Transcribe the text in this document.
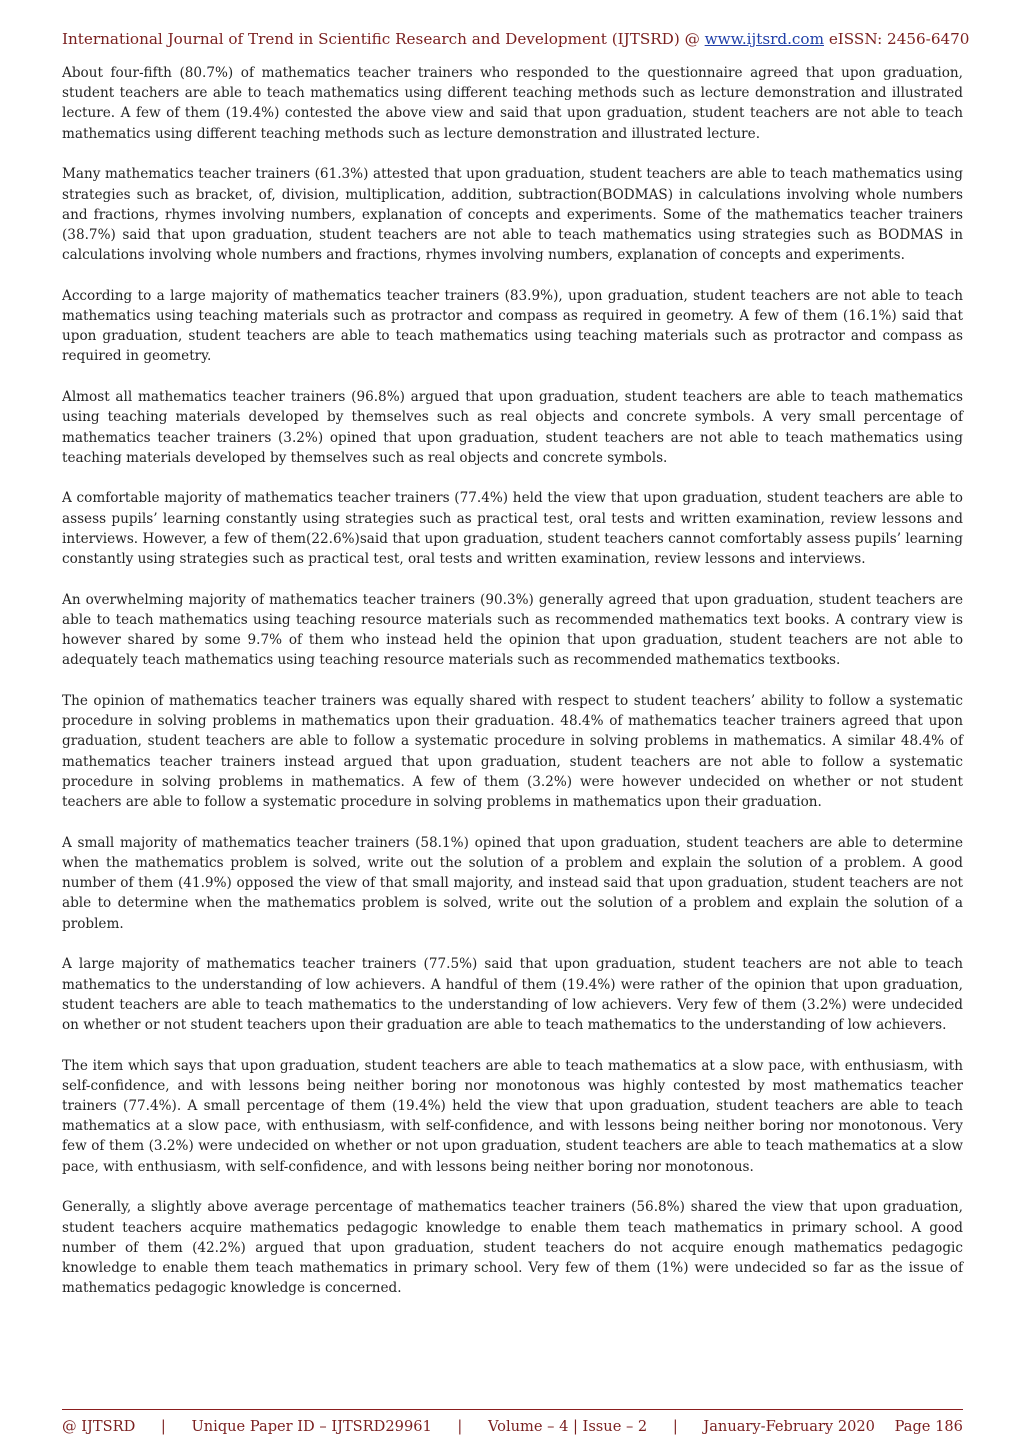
International Journal of Trend in Scientific Research and Development (IJTSRD) @ www.ijtsrd.com eISSN: 2456-6470

About four-fifth (80.7%) of mathematics teacher trainers who responded to the questionnaire agreed that upon graduation, student teachers are able to teach mathematics using different teaching methods such as lecture demonstration and illustrated lecture. A few of them (19.4%) contested the above view and said that upon graduation, student teachers are not able to teach mathematics using different teaching methods such as lecture demonstration and illustrated lecture.

Many mathematics teacher trainers (61.3%) attested that upon graduation, student teachers are able to teach mathematics using strategies such as bracket, of, division, multiplication, addition, subtraction(BODMAS) in calculations involving whole numbers and fractions, rhymes involving numbers, explanation of concepts and experiments. Some of the mathematics teacher trainers (38.7%) said that upon graduation, student teachers are not able to teach mathematics using strategies such as BODMAS in calculations involving whole numbers and fractions, rhymes involving numbers, explanation of concepts and experiments.

According to a large majority of mathematics teacher trainers (83.9%), upon graduation, student teachers are not able to teach mathematics using teaching materials such as protractor and compass as required in geometry. A few of them (16.1%) said that upon graduation, student teachers are able to teach mathematics using teaching materials such as protractor and compass as required in geometry.

Almost all mathematics teacher trainers (96.8%) argued that upon graduation, student teachers are able to teach mathematics using teaching materials developed by themselves such as real objects and concrete symbols. A very small percentage of mathematics teacher trainers (3.2%) opined that upon graduation, student teachers are not able to teach mathematics using teaching materials developed by themselves such as real objects and concrete symbols.

A comfortable majority of mathematics teacher trainers (77.4%) held the view that upon graduation, student teachers are able to assess pupils’ learning constantly using strategies such as practical test, oral tests and written examination, review lessons and interviews. However, a few of them(22.6%)said that upon graduation, student teachers cannot comfortably assess pupils’ learning constantly using strategies such as practical test, oral tests and written examination, review lessons and interviews.

An overwhelming majority of mathematics teacher trainers (90.3%) generally agreed that upon graduation, student teachers are able to teach mathematics using teaching resource materials such as recommended mathematics text books. A contrary view is however shared by some 9.7% of them who instead held the opinion that upon graduation, student teachers are not able to adequately teach mathematics using teaching resource materials such as recommended mathematics textbooks.

The opinion of mathematics teacher trainers was equally shared with respect to student teachers’ ability to follow a systematic procedure in solving problems in mathematics upon their graduation. 48.4% of mathematics teacher trainers agreed that upon graduation, student teachers are able to follow a systematic procedure in solving problems in mathematics. A similar 48.4% of mathematics teacher trainers instead argued that upon graduation, student teachers are not able to follow a systematic procedure in solving problems in mathematics. A few of them (3.2%) were however undecided on whether or not student teachers are able to follow a systematic procedure in solving problems in mathematics upon their graduation.

A small majority of mathematics teacher trainers (58.1%) opined that upon graduation, student teachers are able to determine when the mathematics problem is solved, write out the solution of a problem and explain the solution of a problem. A good number of them (41.9%) opposed the view of that small majority, and instead said that upon graduation, student teachers are not able to determine when the mathematics problem is solved, write out the solution of a problem and explain the solution of a problem.

A large majority of mathematics teacher trainers (77.5%) said that upon graduation, student teachers are not able to teach mathematics to the understanding of low achievers. A handful of them (19.4%) were rather of the opinion that upon graduation, student teachers are able to teach mathematics to the understanding of low achievers. Very few of them (3.2%) were undecided on whether or not student teachers upon their graduation are able to teach mathematics to the understanding of low achievers.

The item which says that upon graduation, student teachers are able to teach mathematics at a slow pace, with enthusiasm, with self-confidence, and with lessons being neither boring nor monotonous was highly contested by most mathematics teacher trainers (77.4%). A small percentage of them (19.4%) held the view that upon graduation, student teachers are able to teach mathematics at a slow pace, with enthusiasm, with self-confidence, and with lessons being neither boring nor monotonous. Very few of them (3.2%) were undecided on whether or not upon graduation, student teachers are able to teach mathematics at a slow pace, with enthusiasm, with self-confidence, and with lessons being neither boring nor monotonous.

Generally, a slightly above average percentage of mathematics teacher trainers (56.8%) shared the view that upon graduation, student teachers acquire mathematics pedagogic knowledge to enable them teach mathematics in primary school. A good number of them (42.2%) argued that upon graduation, student teachers do not acquire enough mathematics pedagogic knowledge to enable them teach mathematics in primary school. Very few of them (1%) were undecided so far as the issue of mathematics pedagogic knowledge is concerned.

@ IJTSRD	|	Unique Paper ID – IJTSRD29961	|	Volume – 4 | Issue – 2	|	January-February 2020 Page 186
